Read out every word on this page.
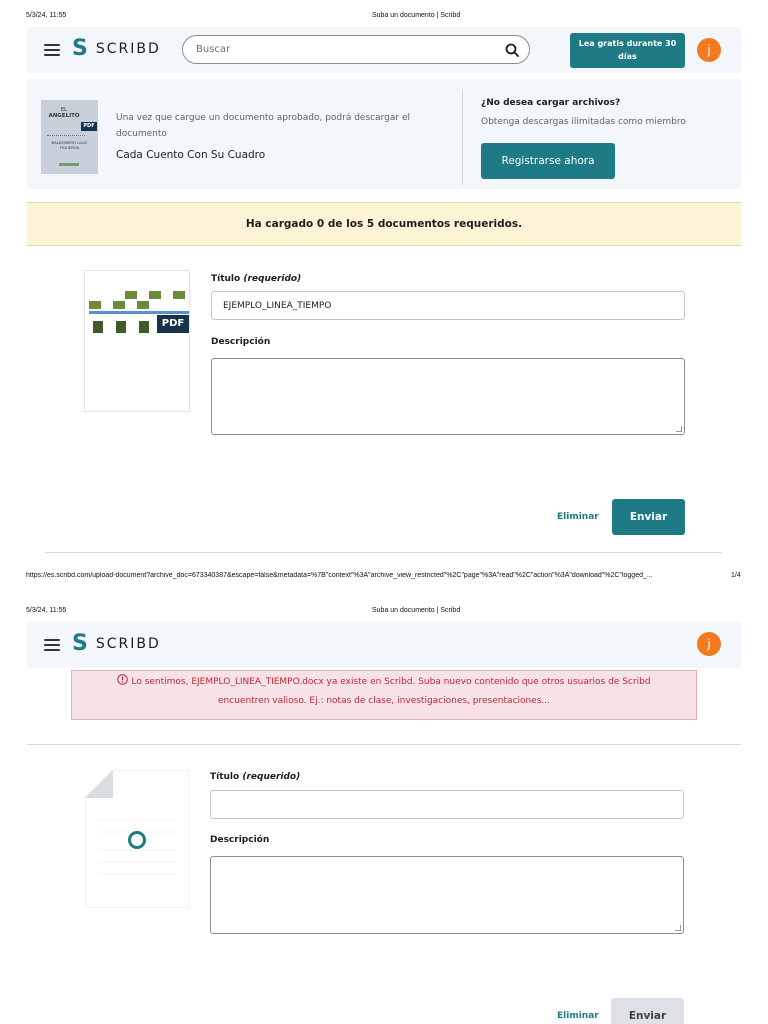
5/3/24, 11:55	Suba un documento | Scribd
S SCRIBD	Buscar
Lea gratis durante 30 días	j
EL
ANGELITO
PDF
BALDOMERO LILLO
FIGUEROA
Una vez que cargue un documento aprobado, podrá descargar el documento
Cada Cuento Con Su Cuadro
¿No desea cargar archivos?
Obtenga descargas ilimitadas como miembro
Registrarse ahora
Ha cargado 0 de los 5 documentos requeridos.
PDF
Título (requerido)
EJEMPLO_LINEA_TIEMPO
Descripción
Eliminar	Enviar
https://es.scribd.com/upload-document?archive_doc=673340387&escape=false&metadata=%7B"context"%3A"archive_view_restricted"%2C"page"%3A"read"%2C"action"%3A"download"%2C"logged_...	1/4
5/3/24, 11:55	Suba un documento | Scribd
S SCRIBD	j
Lo sentimos, EJEMPLO_LINEA_TIEMPO.docx ya existe en Scribd. Suba nuevo contenido que otros usuarios de Scribd
encuentren valioso. Ej.: notas de clase, investigaciones, presentaciones...
Título (requerido)
Descripción
Eliminar	Enviar
